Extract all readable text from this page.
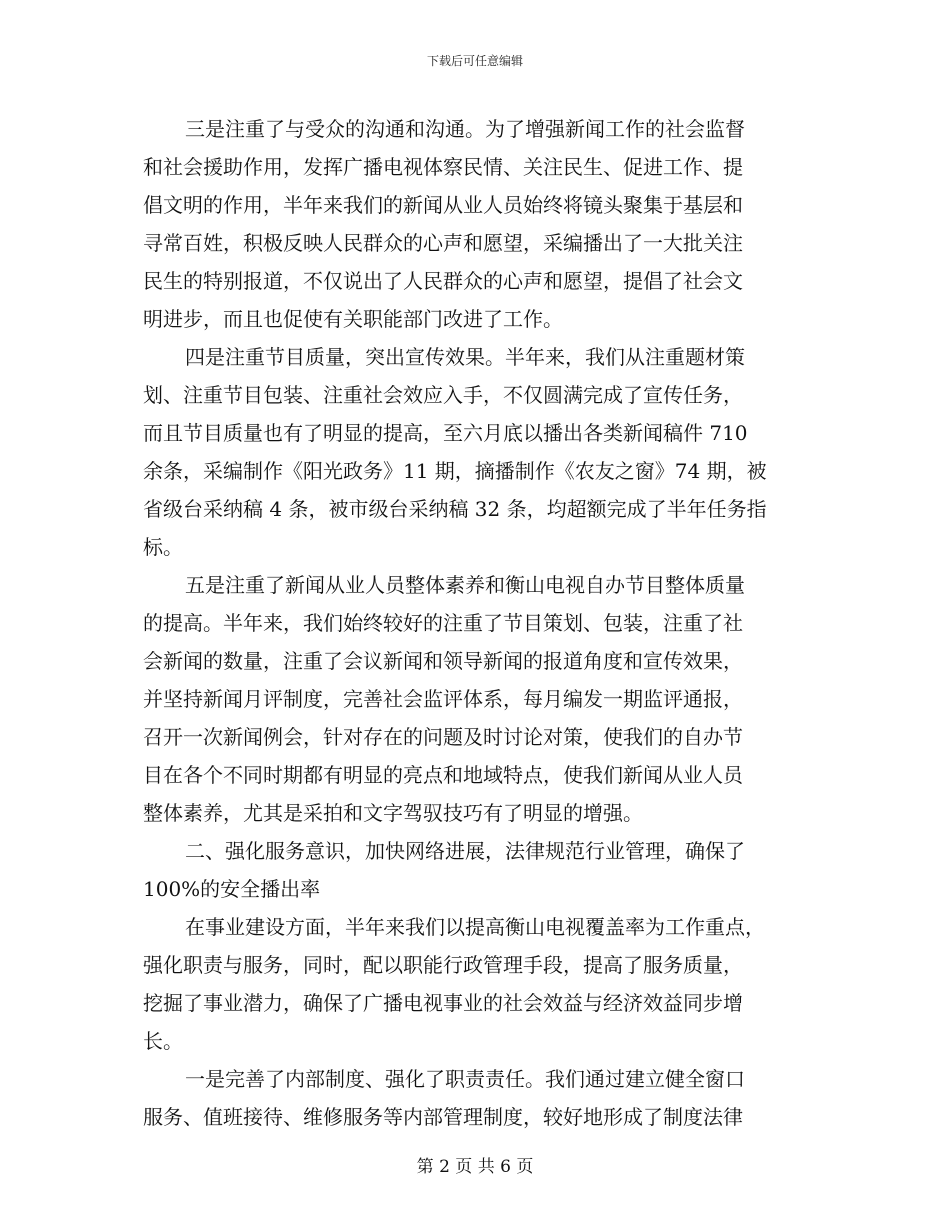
下载后可任意编辑
三是注重了与受众的沟通和沟通。为了增强新闻工作的社会监督
和社会援助作用，发挥广播电视体察民情、关注民生、促进工作、提
倡文明的作用，半年来我们的新闻从业人员始终将镜头聚集于基层和
寻常百姓，积极反映人民群众的心声和愿望，采编播出了一大批关注
民生的特别报道，不仅说出了人民群众的心声和愿望，提倡了社会文
明进步，而且也促使有关职能部门改进了工作。
四是注重节目质量，突出宣传效果。半年来，我们从注重题材策
划、注重节目包装、注重社会效应入手，不仅圆满完成了宣传任务，
而且节目质量也有了明显的提高，至六月底以播出各类新闻稿件 710
余条，采编制作《阳光政务》11 期，摘播制作《农友之窗》74 期，被
省级台采纳稿 4 条，被市级台采纳稿 32 条，均超额完成了半年任务指
标。
五是注重了新闻从业人员整体素养和衡山电视自办节目整体质量
的提高。半年来，我们始终较好的注重了节目策划、包装，注重了社
会新闻的数量，注重了会议新闻和领导新闻的报道角度和宣传效果，
并坚持新闻月评制度，完善社会监评体系，每月编发一期监评通报，
召开一次新闻例会，针对存在的问题及时讨论对策，使我们的自办节
目在各个不同时期都有明显的亮点和地域特点，使我们新闻从业人员
整体素养，尤其是采拍和文字驾驭技巧有了明显的增强。
二、强化服务意识，加快网络进展，法律规范行业管理，确保了
100%的安全播出率
在事业建设方面，半年来我们以提高衡山电视覆盖率为工作重点，
强化职责与服务，同时，配以职能行政管理手段，提高了服务质量，
挖掘了事业潜力，确保了广播电视事业的社会效益与经济效益同步增
长。
一是完善了内部制度、强化了职责责任。我们通过建立健全窗口
服务、值班接待、维修服务等内部管理制度，较好地形成了制度法律
第 2 页 共 6 页
